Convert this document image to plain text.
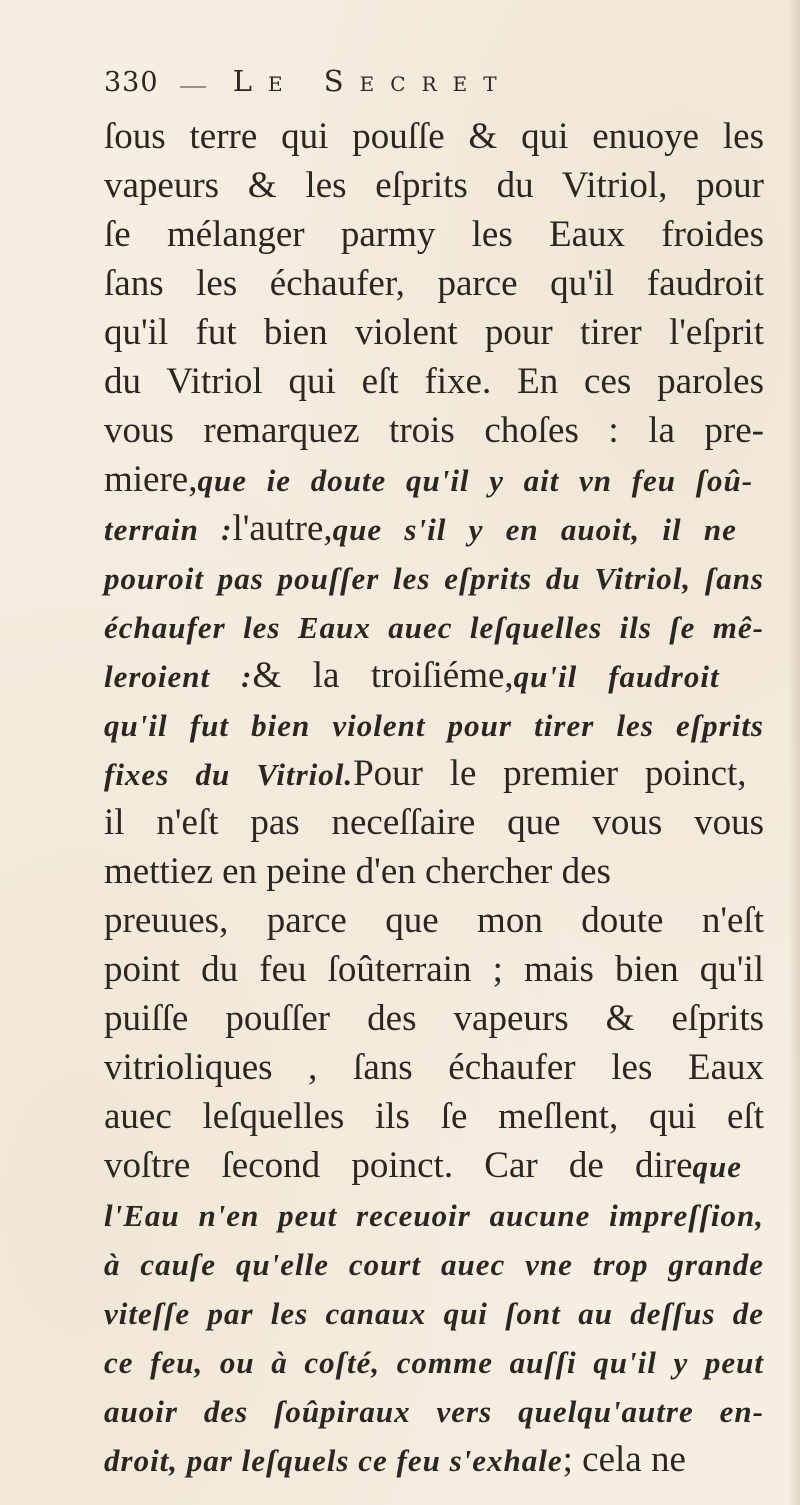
330	Le Secret
ſous terre qui pouſſe & qui enuoye les
vapeurs & les eſprits du Vitriol, pour
ſe mélanger parmy les Eaux froides
ſans les échaufer, parce qu'il faudroit
qu'il fut bien violent pour tirer l'eſprit
du Vitriol qui eſt fixe. En ces paroles
vous remarquez trois choſes : la pre-
miere,que ie doute qu'il y ait vn feu ſoû-
terrain :l'autre,que s'il y en auoit, il ne
pouroit pas pouſſer les eſprits du Vitriol, ſans
échaufer les Eaux auec leſquelles ils ſe mê-
leroient :& la troiſiéme,qu'il faudroit
qu'il fut bien violent pour tirer les eſprits
fixes du Vitriol.Pour le premier poinct,
il n'eſt pas neceſſaire que vous vous
mettiez en peine d'en chercher des
preuues, parce que mon doute n'eſt
point du feu ſoûterrain ; mais bien qu'il
puiſſe pouſſer des vapeurs & eſprits
vitrioliques , ſans échaufer les Eaux
auec leſquelles ils ſe meſlent, qui eſt
voſtre ſecond poinct. Car de direque
l'Eau n'en peut receuoir aucune impreſſion,
à cauſe qu'elle court auec vne trop grande
viteſſe par les canaux qui ſont au deſſus de
ce feu, ou à coſté, comme auſſi qu'il y peut
auoir des ſoûpiraux vers quelqu'autre en-
droit, par leſquels ce feu s'exhale; cela ne
